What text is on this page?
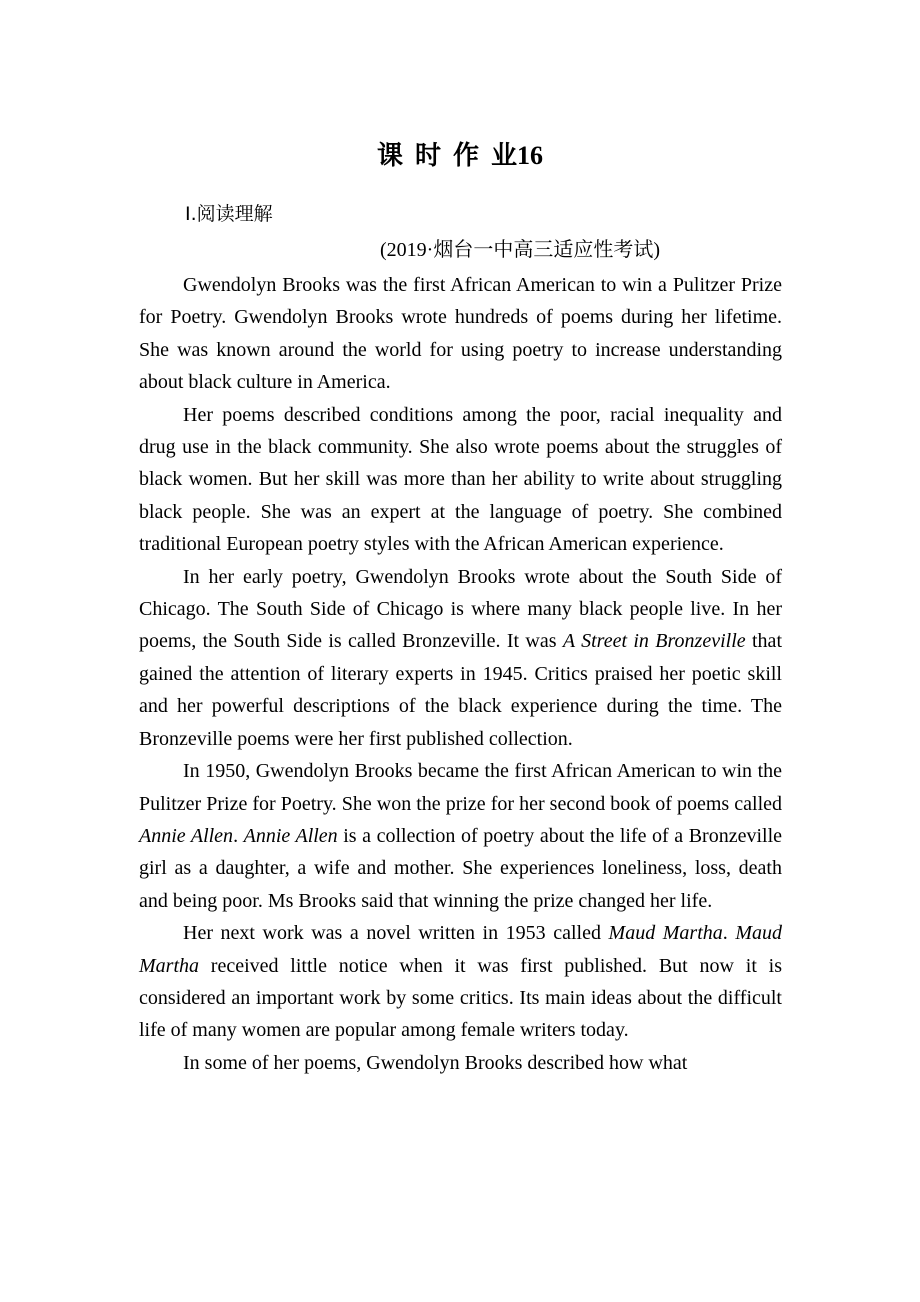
课 时 作 业16
Ⅰ.阅读理解
(2019·烟台一中高三适应性考试)

Gwendolyn Brooks was the first African American to win a Pulitzer Prize for Poetry. Gwendolyn Brooks wrote hundreds of poems during her lifetime. She was known around the world for using poetry to increase understanding about black culture in America.

Her poems described conditions among the poor, racial inequality and drug use in the black community. She also wrote poems about the struggles of black women. But her skill was more than her ability to write about struggling black people. She was an expert at the language of poetry. She combined traditional European poetry styles with the African American experience.

In her early poetry, Gwendolyn Brooks wrote about the South Side of Chicago. The South Side of Chicago is where many black people live. In her poems, the South Side is called Bronzeville. It was A Street in Bronzeville that gained the attention of literary experts in 1945. Critics praised her poetic skill and her powerful descriptions of the black experience during the time. The Bronzeville poems were her first published collection.

In 1950, Gwendolyn Brooks became the first African American to win the Pulitzer Prize for Poetry. She won the prize for her second book of poems called Annie Allen. Annie Allen is a collection of poetry about the life of a Bronzeville girl as a daughter, a wife and mother. She experiences loneliness, loss, death and being poor. Ms Brooks said that winning the prize changed her life.

Her next work was a novel written in 1953 called Maud Martha. Maud Martha received little notice when it was first published. But now it is considered an important work by some critics. Its main ideas about the difficult life of many women are popular among female writers today.

In some of her poems, Gwendolyn Brooks described how what
